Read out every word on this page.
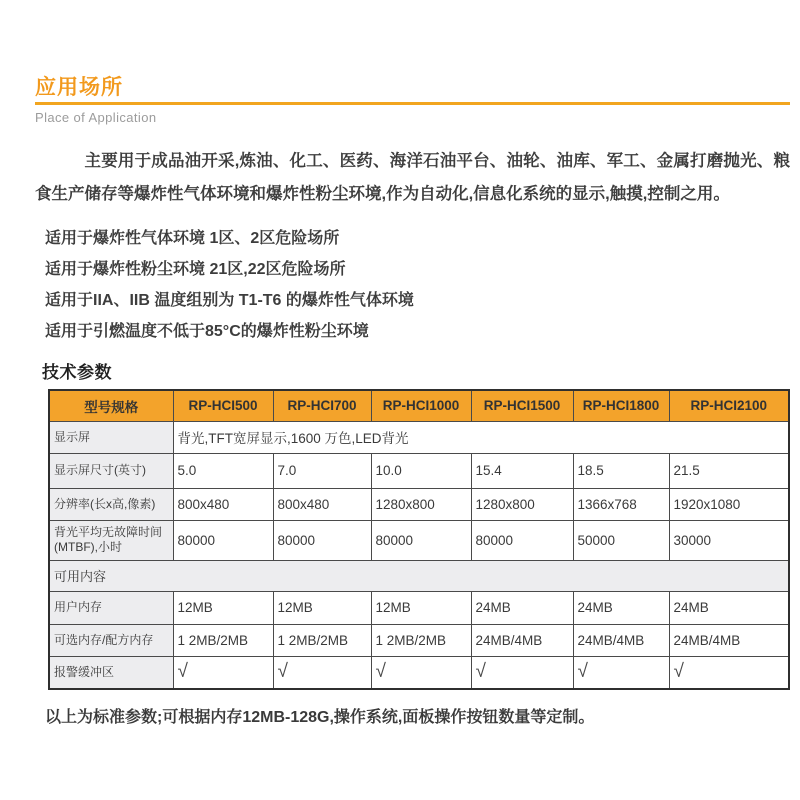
应用场所
Place of Application

主要用于成品油开采,炼油、化工、医药、海洋石油平台、油轮、油库、军工、金属打磨抛光、粮食生产储存等爆炸性气体环境和爆炸性粉尘环境,作为自动化,信息化系统的显示,触摸,控制之用。

适用于爆炸性气体环境 1区、2区危险场所
适用于爆炸性粉尘环境 21区,22区危险场所
适用于IIA、IIB 温度组别为 T1-T6 的爆炸性气体环境
适用于引燃温度不低于85°C的爆炸性粉尘环境
技术参数
型号规格	RP-HCI500	RP-HCI700	RP-HCI1000	RP-HCI1500	RP-HCI1800	RP-HCI2100
显示屏	背光,TFT宽屏显示,1600 万色,LED背光					
显示屏尺寸(英寸)	5.0	7.0	10.0	15.4	18.5	21.5
分辨率(长x高,像素)	800x480	800x480	1280x800	1280x800	1366x768	1920x1080
背光平均无故障时间 (MTBF),小时	80000	80000	80000	80000	50000	30000
可用内容						
用户内存	12MB	12MB	12MB	24MB	24MB	24MB
可选内存/配方内存	1 2MB/2MB	1 2MB/2MB	1 2MB/2MB	24MB/4MB	24MB/4MB	24MB/4MB
报警缓冲区	√	√	√	√	√	√

以上为标准参数;可根据内存12MB-128G,操作系统,面板操作按钮数量等定制。
